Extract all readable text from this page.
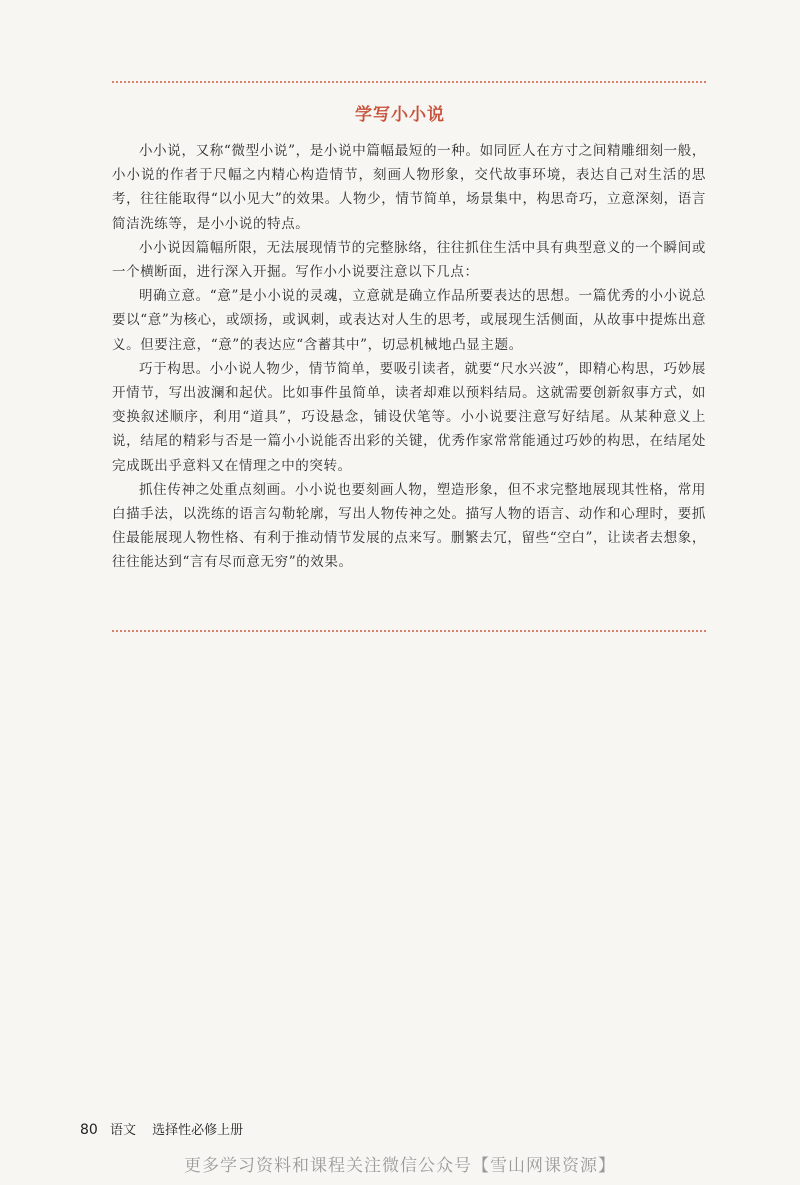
学写小小说

小小说，又称“微型小说”，是小说中篇幅最短的一种。如同匠人在方寸之间精雕细刻一般，小小说的作者于尺幅之内精心构造情节，刻画人物形象，交代故事环境，表达自己对生活的思考，往往能取得“以小见大”的效果。人物少，情节简单，场景集中，构思奇巧，立意深刻，语言简洁洗练等，是小小说的特点。

小小说因篇幅所限，无法展现情节的完整脉络，往往抓住生活中具有典型意义的一个瞬间或一个横断面，进行深入开掘。写作小小说要注意以下几点：

明确立意。“意”是小小说的灵魂，立意就是确立作品所要表达的思想。一篇优秀的小小说总要以“意”为核心，或颂扬，或讽刺，或表达对人生的思考，或展现生活侧面，从故事中提炼出意义。但要注意，“意”的表达应“含蓄其中”，切忌机械地凸显主题。

巧于构思。小小说人物少，情节简单，要吸引读者，就要“尺水兴波”，即精心构思，巧妙展开情节，写出波澜和起伏。比如事件虽简单，读者却难以预料结局。这就需要创新叙事方式，如变换叙述顺序，利用“道具”，巧设悬念，铺设伏笔等。小小说要注意写好结尾。从某种意义上说，结尾的精彩与否是一篇小小说能否出彩的关键，优秀作家常常能通过巧妙的构思，在结尾处完成既出乎意料又在情理之中的突转。

抓住传神之处重点刻画。小小说也要刻画人物，塑造形象，但不求完整地展现其性格，常用白描手法，以洗练的语言勾勒轮廓，写出人物传神之处。描写人物的语言、动作和心理时，要抓住最能展现人物性格、有利于推动情节发展的点来写。删繁去冗，留些“空白”，让读者去想象，往往能达到“言有尽而意无穷”的效果。

80 语文 选择性必修上册
更多学习资料和课程关注微信公众号【雪山网课资源】
